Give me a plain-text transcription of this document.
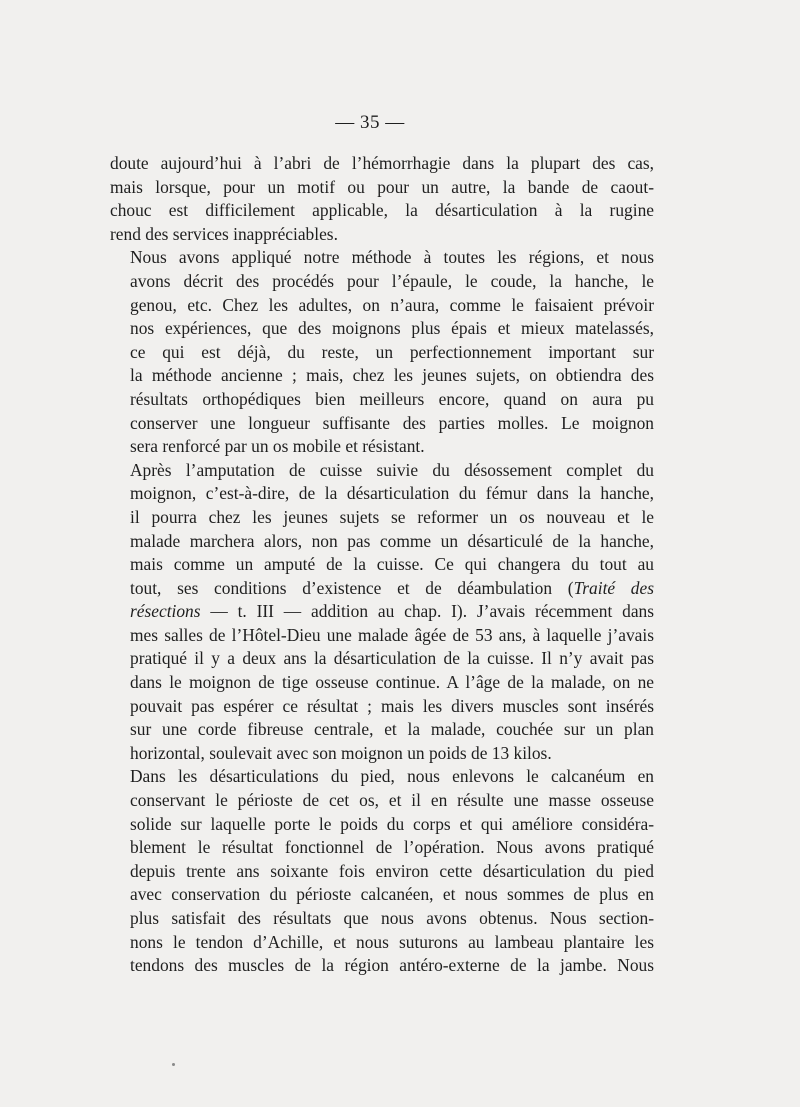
— 35 —

doute aujourd’hui à l’abri de l’hémorrhagie dans la plupart des cas,
mais lorsque, pour un motif ou pour un autre, la bande de caout-
chouc est difficilement applicable, la désarticulation à la rugine
rend des services inappréciables.

Nous avons appliqué notre méthode à toutes les régions, et nous
avons décrit des procédés pour l’épaule, le coude, la hanche, le
genou, etc. Chez les adultes, on n’aura, comme le faisaient prévoir
nos expériences, que des moignons plus épais et mieux matelassés,
ce qui est déjà, du reste, un perfectionnement important sur
la méthode ancienne ; mais, chez les jeunes sujets, on obtiendra des
résultats orthopédiques bien meilleurs encore, quand on aura pu
conserver une longueur suffisante des parties molles. Le moignon
sera renforcé par un os mobile et résistant.

Après l’amputation de cuisse suivie du désossement complet du
moignon, c’est-à-dire, de la désarticulation du fémur dans la hanche,
il pourra chez les jeunes sujets se reformer un os nouveau et le
malade marchera alors, non pas comme un désarticulé de la hanche,
mais comme un amputé de la cuisse. Ce qui changera du tout au
tout, ses conditions d’existence et de déambulation (Traité des
résections — t. III — addition au chap. I). J’avais récemment dans
mes salles de l’Hôtel-Dieu une malade âgée de 53 ans, à laquelle j’avais
pratiqué il y a deux ans la désarticulation de la cuisse. Il n’y avait pas
dans le moignon de tige osseuse continue. A l’âge de la malade, on ne
pouvait pas espérer ce résultat ; mais les divers muscles sont insérés
sur une corde fibreuse centrale, et la malade, couchée sur un plan
horizontal, soulevait avec son moignon un poids de 13 kilos.

Dans les désarticulations du pied, nous enlevons le calcanéum en
conservant le périoste de cet os, et il en résulte une masse osseuse
solide sur laquelle porte le poids du corps et qui améliore considéra-
blement le résultat fonctionnel de l’opération. Nous avons pratiqué
depuis trente ans soixante fois environ cette désarticulation du pied
avec conservation du périoste calcanéen, et nous sommes de plus en
plus satisfait des résultats que nous avons obtenus. Nous section-
nons le tendon d’Achille, et nous suturons au lambeau plantaire les
tendons des muscles de la région antéro-externe de la jambe. Nous
